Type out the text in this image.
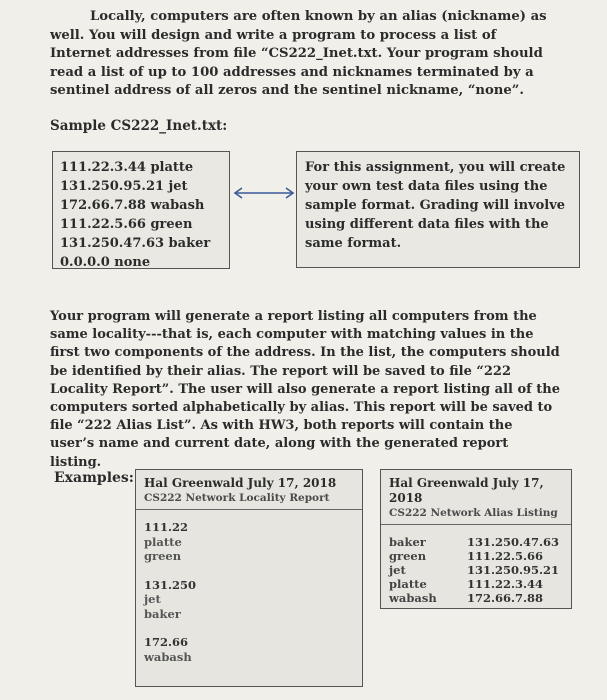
Locally, computers are often known by an alias (nickname) as well. You will design and write a program to process a list of Internet addresses from file “CS222_Inet.txt. Your program should read a list of up to 100 addresses and nicknames terminated by a sentinel address of all zeros and the sentinel nickname, “none”.

Sample CS222_Inet.txt:
111.22.3.44 platte
131.250.95.21 jet
172.66.7.88 wabash
111.22.5.66 green
131.250.47.63 baker
0.0.0.0 none
For this assignment, you will create your own test data files using the sample format. Grading will involve using different data files with the same format.

Your program will generate a report listing all computers from the same locality---that is, each computer with matching values in the first two components of the address. In the list, the computers should be identified by their alias. The report will be saved to file “222 Locality Report”. The user will also generate a report listing all of the computers sorted alphabetically by alias. This report will be saved to file “222 Alias List”. As with HW3, both reports will contain the user’s name and current date, along with the generated report listing.

Examples: Hal Greenwald July 17, 2018
CS222 Network Locality Report
111.22
platte
green
131.250
jet
baker
172.66
wabash
Hal Greenwald July 17, 2018
CS222 Network Alias Listing
baker
green
jet
platte
wabash
131.250.47.63
111.22.5.66
131.250.95.21
111.22.3.44
172.66.7.88
